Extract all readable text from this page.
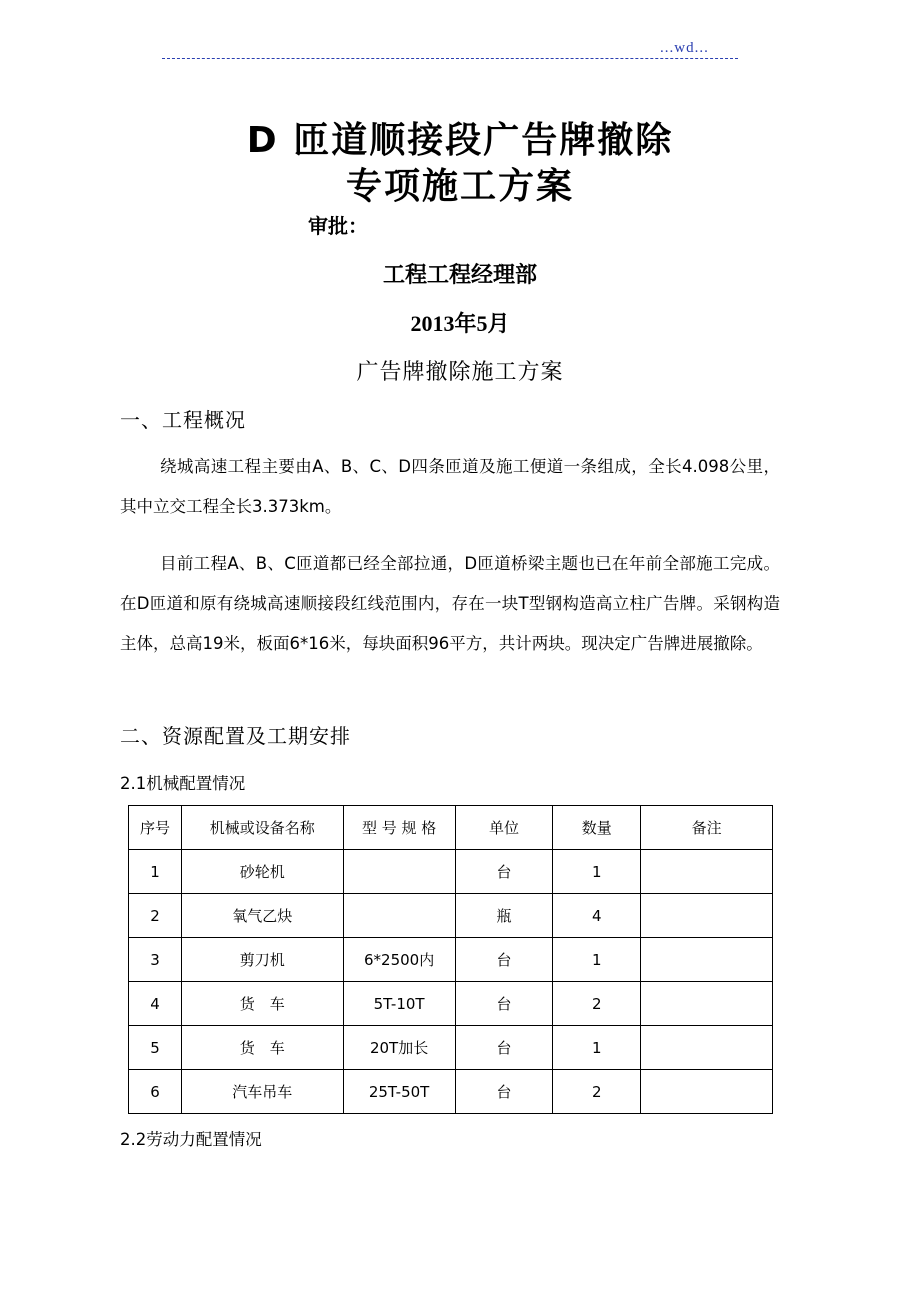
...wd...
D 匝道顺接段广告牌撤除
专项施工方案
审批：
工程工程经理部
2013年5月
广告牌撤除施工方案
一、工程概况
绕城高速工程主要由A、B、C、D四条匝道及施工便道一条组成，全长4.098公里，其中立交工程全长3.373km。
目前工程A、B、C匝道都已经全部拉通，D匝道桥梁主题也已在年前全部施工完成。在D匝道和原有绕城高速顺接段红线范围内，存在一块T型钢构造高立柱广告牌。采钢构造主体，总高19米，板面6*16米，每块面积96平方，共计两块。现决定广告牌进展撤除。
二、资源配置及工期安排
2.1机械配置情况
序号	机械或设备名称	型 号 规 格	单位	数量	备注
1	砂轮机		台	1	
2	氧气乙炔		瓶	4	
3	剪刀机	6*2500内	台	1	
4	货　车	5T-10T	台	2	
5	货　车	20T加长	台	1	
6	汽车吊车	25T-50T	台	2	
2.2劳动力配置情况
